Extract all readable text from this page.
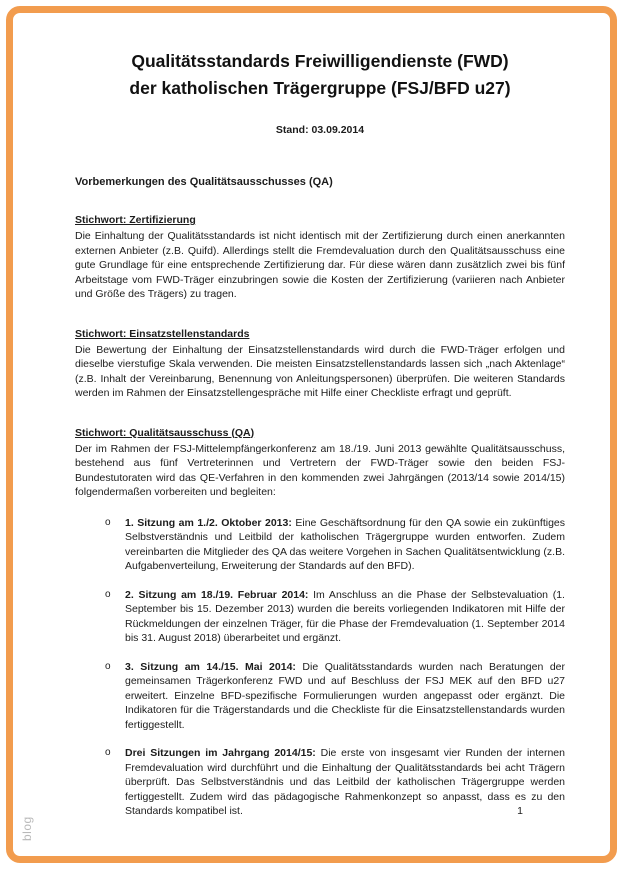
Qualitätsstandards Freiwilligendienste (FWD)
der katholischen Trägergruppe (FSJ/BFD u27)
Stand: 03.09.2014
Vorbemerkungen des Qualitätsausschusses (QA)
Stichwort: Zertifizierung

Die Einhaltung der Qualitätsstandards ist nicht identisch mit der Zertifizierung durch einen anerkannten externen Anbieter (z.B. Quifd). Allerdings stellt die Fremdevaluation durch den Qualitätsausschuss eine gute Grundlage für eine entsprechende Zertifizierung dar. Für diese wären dann zusätzlich zwei bis fünf Arbeitstage vom FWD-Träger einzubringen sowie die Kosten der Zertifizierung (variieren nach Anbieter und Größe des Trägers) zu tragen.

Stichwort: Einsatzstellenstandards

Die Bewertung der Einhaltung der Einsatzstellenstandards wird durch die FWD-Träger erfolgen und dieselbe vierstufige Skala verwenden. Die meisten Einsatzstellenstandards lassen sich „nach Aktenlage“ (z.B. Inhalt der Vereinbarung, Benennung von Anleitungspersonen) überprüfen. Die weiteren Standards werden im Rahmen der Einsatzstellengespräche mit Hilfe einer Checkliste erfragt und geprüft.

Stichwort: Qualitätsausschuss (QA)

Der im Rahmen der FSJ-Mittelempfängerkonferenz am 18./19. Juni 2013 gewählte Qualitätsausschuss, bestehend aus fünf Vertreterinnen und Vertretern der FWD-Träger sowie den beiden FSJ-Bundestutoraten wird das QE-Verfahren in den kommenden zwei Jahrgängen (2013/14 sowie 2014/15) folgendermaßen vorbereiten und begleiten:

o	1. Sitzung am 1./2. Oktober 2013: Eine Geschäftsordnung für den QA sowie ein zukünftiges Selbstverständnis und Leitbild der katholischen Trägergruppe wurden entworfen. Zudem vereinbarten die Mitglieder des QA das weitere Vorgehen in Sachen Qualitätsentwicklung (z.B. Aufgabenverteilung, Erweiterung der Standards auf den BFD).
o	2. Sitzung am 18./19. Februar 2014: Im Anschluss an die Phase der Selbstevaluation (1. September bis 15. Dezember 2013) wurden die bereits vorliegenden Indikatoren mit Hilfe der Rückmeldungen der einzelnen Träger, für die Phase der Fremdevaluation (1. September 2014 bis 31. August 2018) überarbeitet und ergänzt.
o	3. Sitzung am 14./15. Mai 2014: Die Qualitätsstandards wurden nach Beratungen der gemeinsamen Trägerkonferenz FWD und auf Beschluss der FSJ MEK auf den BFD u27 erweitert. Einzelne BFD-spezifische Formulierungen wurden angepasst oder ergänzt. Die Indikatoren für die Trägerstandards und die Checkliste für die Einsatzstellenstandards wurden fertiggestellt.
o	Drei Sitzungen im Jahrgang 2014/15: Die erste von insgesamt vier Runden der internen Fremdevaluation wird durchführt und die Einhaltung der Qualitätsstandards bei acht Trägern überprüft. Das Selbstverständnis und das Leitbild der katholischen Trägergruppe werden fertiggestellt. Zudem wird das pädagogische Rahmenkonzept so anpasst, dass es zu den Standards kompatibel ist.	1
blog
